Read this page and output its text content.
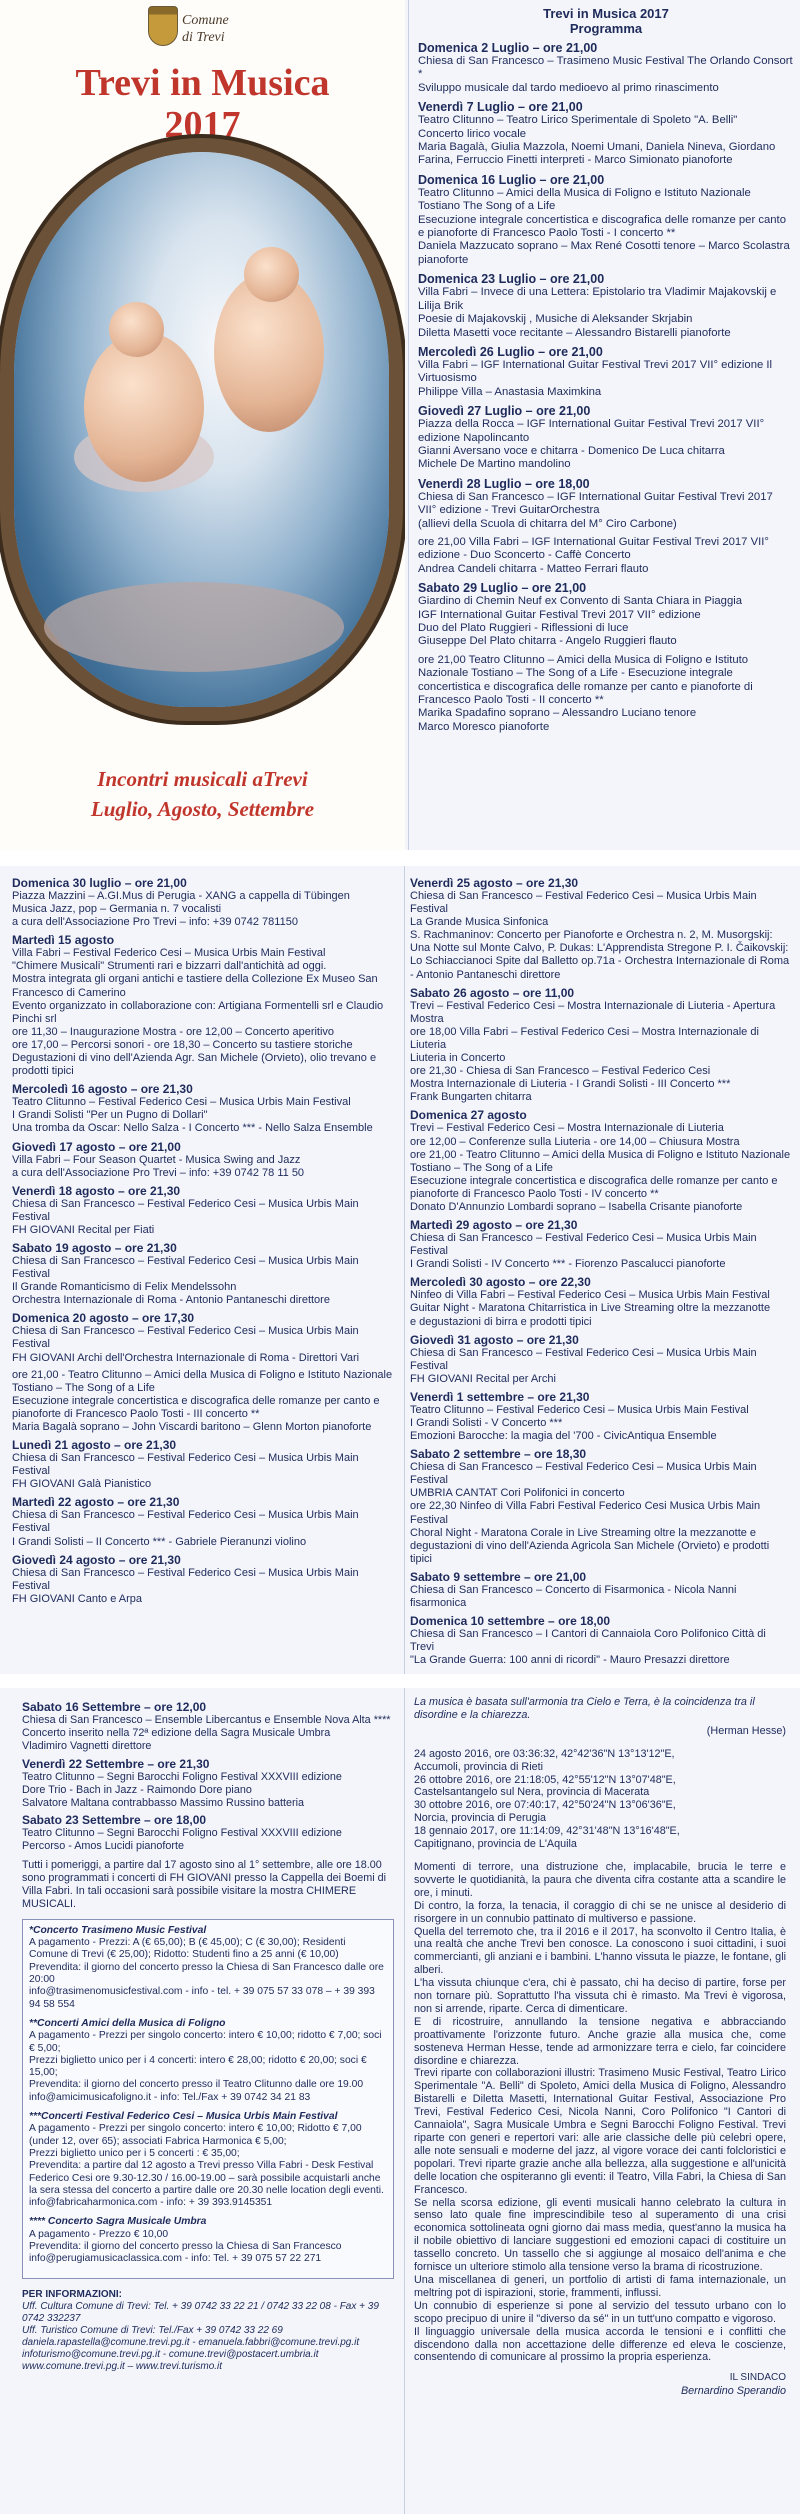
Comune
di Trevi
Trevi in Musica
2017
Incontri musicali aTrevi
Luglio, Agosto, Settembre
Trevi in Musica 2017
Programma
Domenica 2 Luglio – ore 21,00
Chiesa di San Francesco – Trasimeno Music Festival The Orlando Consort *
Sviluppo musicale dal tardo medioevo al primo rinascimento
Venerdì 7 Luglio – ore 21,00
Teatro Clitunno – Teatro Lirico Sperimentale di Spoleto "A. Belli"
Concerto lirico vocale
Maria Bagalà, Giulia Mazzola, Noemi Umani, Daniela Nineva, Giordano Farina, Ferruccio Finetti interpreti - Marco Simionato pianoforte
Domenica 16 Luglio – ore 21,00
Teatro Clitunno – Amici della Musica di Foligno e Istituto Nazionale Tostiano The Song of a Life
Esecuzione integrale concertistica e discografica delle romanze per canto e pianoforte di Francesco Paolo Tosti - I concerto **
Daniela Mazzucato soprano – Max René Cosotti tenore – Marco Scolastra pianoforte
Domenica 23 Luglio – ore 21,00
Villa Fabri – Invece di una Lettera: Epistolario tra Vladimir Majakovskij e Lilija Brik
Poesie di Majakovskij , Musiche di Aleksander Skrjabin
Diletta Masetti voce recitante – Alessandro Bistarelli pianoforte
Mercoledì 26 Luglio – ore 21,00
Villa Fabri – IGF International Guitar Festival Trevi 2017 VII° edizione Il Virtuosismo
Philippe Villa – Anastasia Maximkina
Giovedì 27 Luglio – ore 21,00
Piazza della Rocca – IGF International Guitar Festival Trevi 2017 VII° edizione Napolincanto
Gianni Aversano voce e chitarra - Domenico De Luca chitarra
Michele De Martino mandolino
Venerdì 28 Luglio – ore 18,00
Chiesa di San Francesco – IGF International Guitar Festival Trevi 2017 VII° edizione - Trevi GuitarOrchestra
(allievi della Scuola di chitarra del M° Ciro Carbone)
ore 21,00 Villa Fabri – IGF International Guitar Festival Trevi 2017 VII° edizione - Duo Sconcerto - Caffè Concerto
Andrea Candeli chitarra - Matteo Ferrari flauto
Sabato 29 Luglio – ore 21,00
Giardino di Chemin Neuf ex Convento di Santa Chiara in Piaggia
IGF International Guitar Festival Trevi 2017 VII° edizione
Duo del Plato Ruggieri - Riflessioni di luce
Giuseppe Del Plato chitarra - Angelo Ruggieri flauto
ore 21,00 Teatro Clitunno – Amici della Musica di Foligno e Istituto Nazionale Tostiano – The Song of a Life - Esecuzione integrale concertistica e discografica delle romanze per canto e pianoforte di Francesco Paolo Tosti - II concerto **
Marika Spadafino soprano – Alessandro Luciano tenore
Marco Moresco pianoforte
Domenica 30 luglio – ore 21,00
Piazza Mazzini – A.GI.Mus di Perugia - XANG a cappella di Tübingen
Musica Jazz, pop – Germania n. 7 vocalisti
a cura dell'Associazione Pro Trevi – info: +39 0742 781150
Martedì 15 agosto
Villa Fabri – Festival Federico Cesi – Musica Urbis Main Festival
"Chimere Musicali" Strumenti rari e bizzarri dall'antichità ad oggi.
Mostra integrata gli organi antichi e tastiere della Collezione Ex Museo San Francesco di Camerino
Evento organizzato in collaborazione con: Artigiana Formentelli srl e Claudio Pinchi srl
ore 11,30 – Inaugurazione Mostra - ore 12,00 – Concerto aperitivo
ore 17,00 – Percorsi sonori - ore 18,30 – Concerto su tastiere storiche
Degustazioni di vino dell'Azienda Agr. San Michele (Orvieto), olio trevano e prodotti tipici
Mercoledì 16 agosto – ore 21,30
Teatro Clitunno – Festival Federico Cesi – Musica Urbis Main Festival
I Grandi Solisti "Per un Pugno di Dollari"
Una tromba da Oscar: Nello Salza - I Concerto *** - Nello Salza Ensemble
Giovedì 17 agosto – ore 21,00
Villa Fabri – Four Season Quartet - Musica Swing and Jazz
a cura dell'Associazione Pro Trevi – info: +39 0742 78 11 50
Venerdì 18 agosto – ore 21,30
Chiesa di San Francesco – Festival Federico Cesi – Musica Urbis Main Festival
FH GIOVANI Recital per Fiati
Sabato 19 agosto – ore 21,30
Chiesa di San Francesco – Festival Federico Cesi – Musica Urbis Main Festival
Il Grande Romanticismo di Felix Mendelssohn
Orchestra Internazionale di Roma - Antonio Pantaneschi direttore
Domenica 20 agosto – ore 17,30
Chiesa di San Francesco – Festival Federico Cesi – Musica Urbis Main Festival
FH GIOVANI Archi dell'Orchestra Internazionale di Roma - Direttori Vari
ore 21,00 - Teatro Clitunno – Amici della Musica di Foligno e Istituto Nazionale Tostiano – The Song of a Life
Esecuzione integrale concertistica e discografica delle romanze per canto e pianoforte di Francesco Paolo Tosti - III concerto **
Maria Bagalà soprano – John Viscardi baritono – Glenn Morton pianoforte
Lunedì 21 agosto – ore 21,30
Chiesa di San Francesco – Festival Federico Cesi – Musica Urbis Main Festival
FH GIOVANI Galà Pianistico
Martedì 22 agosto – ore 21,30
Chiesa di San Francesco – Festival Federico Cesi – Musica Urbis Main Festival
I Grandi Solisti – II Concerto *** - Gabriele Pieranunzi violino
Giovedì 24 agosto – ore 21,30
Chiesa di San Francesco – Festival Federico Cesi – Musica Urbis Main Festival
FH GIOVANI Canto e Arpa
Venerdì 25 agosto – ore 21,30
Chiesa di San Francesco – Festival Federico Cesi – Musica Urbis Main Festival
La Grande Musica Sinfonica
S. Rachmaninov: Concerto per Pianoforte e Orchestra n. 2, M. Musorgskij: Una Notte sul Monte Calvo, P. Dukas: L'Apprendista Stregone P. I. Čaikovskij: Lo Schiaccianoci Spite dal Balletto op.71a - Orchestra Internazionale di Roma - Antonio Pantaneschi direttore
Sabato 26 agosto – ore 11,00
Trevi – Festival Federico Cesi – Mostra Internazionale di Liuteria - Apertura Mostra
ore 18,00 Villa Fabri – Festival Federico Cesi – Mostra Internazionale di Liuteria
Liuteria in Concerto
ore 21,30 - Chiesa di San Francesco – Festival Federico Cesi
Mostra Internazionale di Liuteria - I Grandi Solisti - III Concerto ***
Frank Bungarten chitarra
Domenica 27 agosto
Trevi – Festival Federico Cesi – Mostra Internazionale di Liuteria
ore 12,00 – Conferenze sulla Liuteria - ore 14,00 – Chiusura Mostra
ore 21,00 - Teatro Clitunno – Amici della Musica di Foligno e Istituto Nazionale Tostiano – The Song of a Life
Esecuzione integrale concertistica e discografica delle romanze per canto e pianoforte di Francesco Paolo Tosti - IV concerto **
Donato D'Annunzio Lombardi soprano – Isabella Crisante pianoforte
Martedì 29 agosto – ore 21,30
Chiesa di San Francesco – Festival Federico Cesi – Musica Urbis Main Festival
I Grandi Solisti - IV Concerto *** - Fiorenzo Pascalucci pianoforte
Mercoledì 30 agosto – ore 22,30
Ninfeo di Villa Fabri – Festival Federico Cesi – Musica Urbis Main Festival
Guitar Night - Maratona Chitarristica in Live Streaming oltre la mezzanotte
e degustazioni di birra e prodotti tipici
Giovedì 31 agosto – ore 21,30
Chiesa di San Francesco – Festival Federico Cesi – Musica Urbis Main Festival
FH GIOVANI Recital per Archi
Venerdì 1 settembre – ore 21,30
Teatro Clitunno – Festival Federico Cesi – Musica Urbis Main Festival
I Grandi Solisti - V Concerto ***
Emozioni Barocche: la magia del '700 - CivicAntiqua Ensemble
Sabato 2 settembre – ore 18,30
Chiesa di San Francesco – Festival Federico Cesi – Musica Urbis Main Festival
UMBRIA CANTAT Cori Polifonici in concerto
ore 22,30 Ninfeo di Villa Fabri Festival Federico Cesi Musica Urbis Main Festival
Choral Night - Maratona Corale in Live Streaming oltre la mezzanotte e degustazioni di vino dell'Azienda Agricola San Michele (Orvieto) e prodotti tipici
Sabato 9 settembre – ore 21,00
Chiesa di San Francesco – Concerto di Fisarmonica - Nicola Nanni fisarmonica
Domenica 10 settembre – ore 18,00
Chiesa di San Francesco – I Cantori di Cannaiola Coro Polifonico Città di Trevi
"La Grande Guerra: 100 anni di ricordi" - Mauro Presazzi direttore
Sabato 16 Settembre – ore 12,00
Chiesa di San Francesco – Ensemble Libercantus e Ensemble Nova Alta ****
Concerto inserito nella 72ª edizione della Sagra Musicale Umbra
Vladimiro Vagnetti direttore
Venerdì 22 Settembre – ore 21,30
Teatro Clitunno – Segni Barocchi Foligno Festival XXXVIII edizione
Dore Trio - Bach in Jazz - Raimondo Dore piano
Salvatore Maltana contrabbasso Massimo Russino batteria
Sabato 23 Settembre – ore 18,00
Teatro Clitunno – Segni Barocchi Foligno Festival XXXVIII edizione
Percorso - Amos Lucidi pianoforte
Tutti i pomeriggi, a partire dal 17 agosto sino al 1° settembre, alle ore 18.00 sono programmati i concerti di FH GIOVANI presso la Cappella dei Boemi di Villa Fabri. In tali occasioni sarà possibile visitare la mostra CHIMERE MUSICALI.
*Concerto Trasimeno Music Festival
A pagamento - Prezzi: A (€ 65,00); B (€ 45,00); C (€ 30,00); Residenti Comune di Trevi (€ 25,00); Ridotto: Studenti fino a 25 anni (€ 10,00)
Prevendita: il giorno del concerto presso la Chiesa di San Francesco dalle ore 20:00
info@trasimenomusicfestival.com - info - tel. + 39 075 57 33 078 – + 39 393 94 58 554
**Concerti Amici della Musica di Foligno
A pagamento - Prezzi per singolo concerto: intero € 10,00; ridotto € 7,00; soci € 5,00;
Prezzi biglietto unico per i 4 concerti: intero € 28,00; ridotto € 20,00; soci € 15,00;
Prevendita: il giorno del concerto presso il Teatro Clitunno dalle ore 19.00
info@amicimusicafoligno.it - info: Tel./Fax + 39 0742 34 21 83
***Concerti Festival Federico Cesi – Musica Urbis Main Festival
A pagamento - Prezzi per singolo concerto: intero € 10,00; Ridotto € 7,00 (under 12, over 65); associati Fabrica Harmonica € 5,00;
Prezzi biglietto unico per i 5 concerti : € 35,00;
Prevendita: a partire dal 12 agosto a Trevi presso Villa Fabri - Desk Festival Federico Cesi ore 9.30-12.30 / 16.00-19.00 – sarà possibile acquistarli anche la sera stessa del concerto a partire dalle ore 20.30 nelle location degli eventi.
info@fabricaharmonica.com - info: + 39 393.9145351
**** Concerto Sagra Musicale Umbra
A pagamento - Prezzo € 10,00
Prevendita: il giorno del concerto presso la Chiesa di San Francesco
info@perugiamusicaclassica.com - info: Tel. + 39 075 57 22 271
PER INFORMAZIONI:
Uff. Cultura Comune di Trevi: Tel. + 39 0742 33 22 21 / 0742 33 22 08 - Fax + 39 0742 332237
Uff. Turistico Comune di Trevi: Tel./Fax + 39 0742 33 22 69
daniela.rapastella@comune.trevi.pg.it - emanuela.fabbri@comune.trevi.pg.it
infoturismo@comune.trevi.pg.it - comune.trevi@postacert.umbria.it
www.comune.trevi.pg.it – www.trevi.turismo.it
La musica è basata sull'armonia tra Cielo e Terra, è la coincidenza tra il disordine e la chiarezza.
(Herman Hesse)
24 agosto 2016, ore 03:36:32, 42°42'36"N 13°13'12"E,
Accumoli, provincia di Rieti
26 ottobre 2016, ore 21:18:05, 42°55'12"N 13°07'48"E,
Castelsantangelo sul Nera, provincia di Macerata
30 ottobre 2016, ore 07:40:17, 42°50'24"N 13°06'36"E,
Norcia, provincia di Perugia
18 gennaio 2017, ore 11:14:09, 42°31'48"N 13°16'48"E,
Capitignano, provincia de L'Aquila

Momenti di terrore, una distruzione che, implacabile, brucia le terre e sovverte le quotidianità, la paura che diventa cifra costante atta a scandire le ore, i minuti.

Di contro, la forza, la tenacia, il coraggio di chi se ne unisce al desiderio di risorgere in un connubio pattinato di multiverso e passione.

Quella del terremoto che, tra il 2016 e il 2017, ha sconvolto il Centro Italia, è una realtà che anche Trevi ben conosce. La conoscono i suoi cittadini, i suoi commercianti, gli anziani e i bambini. L'hanno vissuta le piazze, le fontane, gli alberi.

L'ha vissuta chiunque c'era, chi è passato, chi ha deciso di partire, forse per non tornare più. Soprattutto l'ha vissuta chi è rimasto. Ma Trevi è vigorosa, non si arrende, riparte. Cerca di dimenticare.

E di ricostruire, annullando la tensione negativa e abbracciando proattivamente l'orizzonte futuro. Anche grazie alla musica che, come sosteneva Herman Hesse, tende ad armonizzare terra e cielo, far coincidere disordine e chiarezza.

Trevi riparte con collaborazioni illustri: Trasimeno Music Festival, Teatro Lirico Sperimentale "A. Belli" di Spoleto, Amici della Musica di Foligno, Alessandro Bistarelli e Diletta Masetti, International Guitar Festival, Associazione Pro Trevi, Festival Federico Cesi, Nicola Nanni, Coro Polifonico "I Cantori di Cannaiola", Sagra Musicale Umbra e Segni Barocchi Foligno Festival. Trevi riparte con generi e repertori vari: alle arie classiche delle più celebri opere, alle note sensuali e moderne del jazz, al vigore vorace dei canti folcloristici e popolari. Trevi riparte grazie anche alla bellezza, alla suggestione e all'unicità delle location che ospiteranno gli eventi: il Teatro, Villa Fabri, la Chiesa di San Francesco.

Se nella scorsa edizione, gli eventi musicali hanno celebrato la cultura in senso lato quale fine imprescindibile teso al superamento di una crisi economica sottolineata ogni giorno dai mass media, quest'anno la musica ha il nobile obiettivo di lanciare suggestioni ed emozioni capaci di costituire un tassello concreto. Un tassello che si aggiunge al mosaico dell'anima e che fornisce un ulteriore stimolo alla tensione verso la brama di ricostruzione.

Una miscellanea di generi, un portfolio di artisti di fama internazionale, un meltring pot di ispirazioni, storie, frammenti, influssi.

Un connubio di esperienze si pone al servizio del tessuto urbano con lo scopo precipuo di unire il "diverso da sé" in un tutt'uno compatto e vigoroso.

Il linguaggio universale della musica accorda le tensioni e i conflitti che discendono dalla non accettazione delle differenze ed eleva le coscienze, consentendo di comunicare al prossimo la propria esperienza.

IL SINDACO
Bernardino Sperandio
